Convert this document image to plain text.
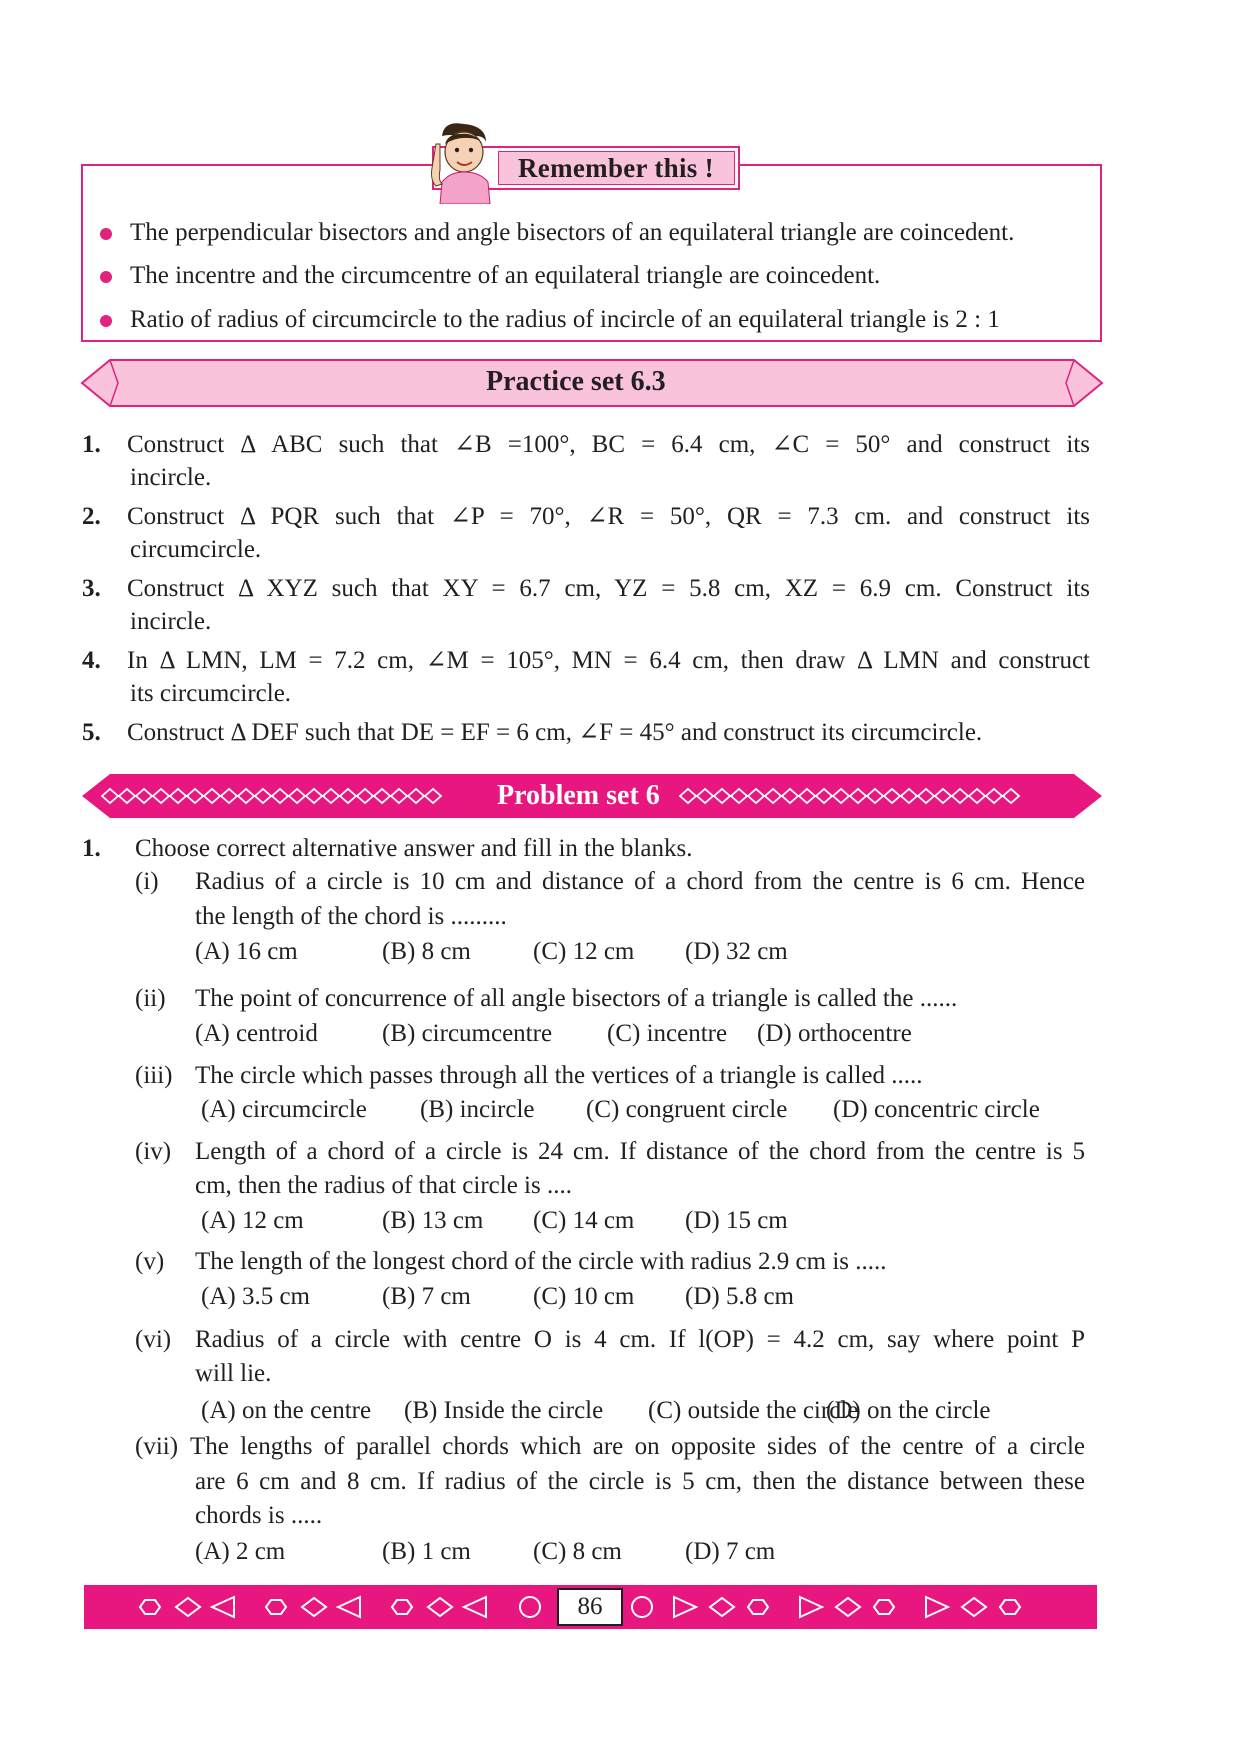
Remember this !
The perpendicular bisectors and angle bisectors of an equilateral triangle are coincedent.
The incentre and the circumcentre of an equilateral triangle are coincedent.
Ratio of radius of circumcircle to the radius of incircle of an equilateral triangle is 2 : 1
Practice set 6.3
1. Construct Δ ABC such that ∠B =100°, BC = 6.4 cm, ∠C = 50° and construct its
incircle.
2. Construct Δ PQR such that ∠P = 70°, ∠R = 50°, QR = 7.3 cm. and construct its
circumcircle.
3. Construct Δ XYZ such that XY = 6.7 cm, YZ = 5.8 cm, XZ = 6.9 cm. Construct its
incircle.
4. In Δ LMN, LM = 7.2 cm, ∠M = 105°, MN = 6.4 cm, then draw Δ LMN and construct
its circumcircle.
5. Construct Δ DEF such that DE = EF = 6 cm, ∠F = 45° and construct its circumcircle.
Problem set 6
1. Choose correct alternative answer and fill in the blanks.
(i) Radius of a circle is 10 cm and distance of a chord from the centre is 6 cm. Hence
the length of the chord is .........
(A) 16 cm	(B) 8 cm (C) 12 cm (D) 32 cm
(ii) The point of concurrence of all angle bisectors of a triangle is called the ......
(A) centroid	(B) circumcentre (C) incentre (D) orthocentre
(iii) The circle which passes through all the vertices of a triangle is called .....
(A) circumcircle (B) incircle (C) congruent circle (D) concentric circle
(iv) Length of a chord of a circle is 24 cm. If distance of the chord from the centre is 5
cm, then the radius of that circle is ....
(A) 12 cm	(B) 13 cm (C) 14 cm (D) 15 cm
(v) The length of the longest chord of the circle with radius 2.9 cm is .....
(A) 3.5 cm	(B) 7 cm (C) 10 cm (D) 5.8 cm
(vi) Radius of a circle with centre O is 4 cm. If l(OP) = 4.2 cm, say where point P
will lie.
(A) on the centre (B) Inside the circle (C) outside the circle
(D) on the circle
(vii) The lengths of parallel chords which are on opposite sides of the centre of a circle
are 6 cm and 8 cm. If radius of the circle is 5 cm, then the distance between these
chords is .....
(A) 2 cm	(B) 1 cm (C) 8 cm	(D) 7 cm
86
